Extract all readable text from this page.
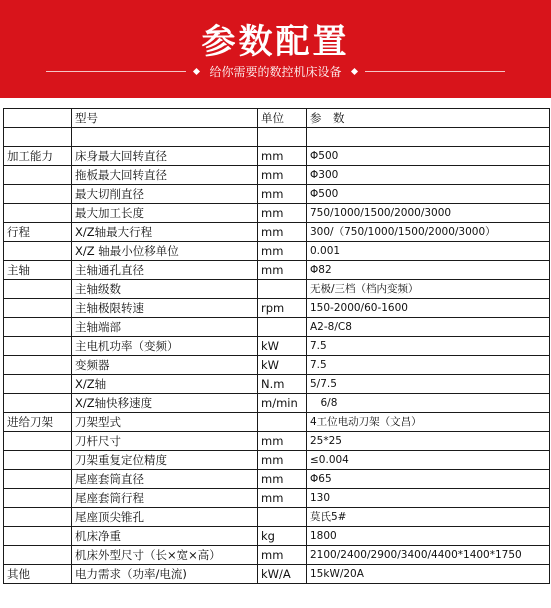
参数配置
给你需要的数控机床设备
	型号	单位	参　数

加工能力	床身最大回转直径	mm	Φ500
	拖板最大回转直径	mm	Φ300
	最大切削直径	mm	Φ500
	最大加工长度	mm	750/1000/1500/2000/3000
行程	X/Z轴最大行程	mm	300/（750/1000/1500/2000/3000）
	X/Z 轴最小位移单位	mm	0.001
主轴	主轴通孔直径	mm	Φ82
	主轴级数		无极/三档（档内变频）
	主轴极限转速	rpm	150-2000/60-1600
	主轴端部		A2-8/C8
	主电机功率（变频）	kW	7.5
	变频器	kW	7.5
	X/Z轴	N.m	5/7.5
	X/Z轴快移速度	m/min	　6/8
进给刀架	刀架型式		4工位电动刀架（文昌）
	刀杆尺寸	mm	25*25
	刀架重复定位精度	mm	≤0.004
	尾座套筒直径	mm	Φ65
	尾座套筒行程	mm	130
	尾座顶尖锥孔		莫氏5#
	机床净重	kg	1800
	机床外型尺寸（长×宽×高）	mm	2100/2400/2900/3400/4400*1400*1750
其他	电力需求（功率/电流)	kW/A	15kW/20A
